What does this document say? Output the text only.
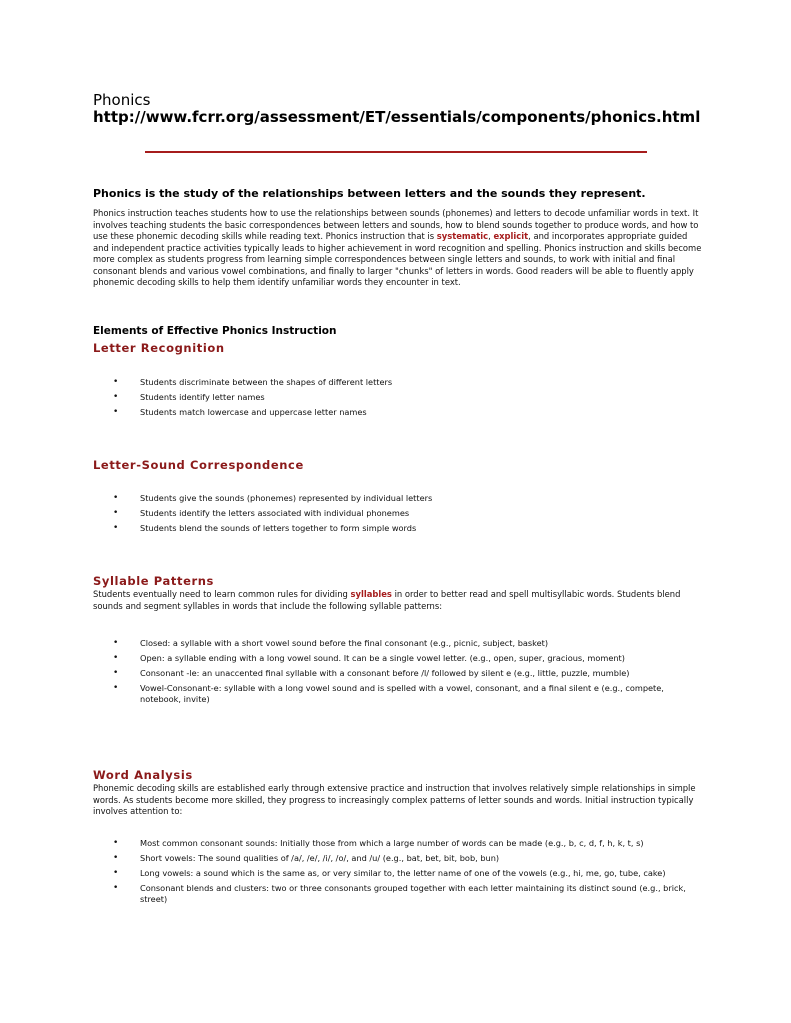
Phonics
http://www.fcrr.org/assessment/ET/essentials/components/phonics.html
Phonics is the study of the relationships between letters and the sounds they represent.
Phonics instruction teaches students how to use the relationships between sounds (phonemes) and letters to decode unfamiliar words in text. It involves teaching students the basic correspondences between letters and sounds, how to blend sounds together to produce words, and how to use these phonemic decoding skills while reading text. Phonics instruction that is systematic, explicit, and incorporates appropriate guided and independent practice activities typically leads to higher achievement in word recognition and spelling. Phonics instruction and skills become more complex as students progress from learning simple correspondences between single letters and sounds, to work with initial and final consonant blends and various vowel combinations, and finally to larger "chunks" of letters in words. Good readers will be able to fluently apply phonemic decoding skills to help them identify unfamiliar words they encounter in text.
Elements of Effective Phonics Instruction
Letter Recognition
•	Students discriminate between the shapes of different letters
•	Students identify letter names
•	Students match lowercase and uppercase letter names
Letter-Sound Correspondence
•	Students give the sounds (phonemes) represented by individual letters
•	Students identify the letters associated with individual phonemes
•	Students blend the sounds of letters together to form simple words
Syllable Patterns
Students eventually need to learn common rules for dividing syllables in order to better read and spell multisyllabic words. Students blend sounds and segment syllables in words that include the following syllable patterns:
•	Closed: a syllable with a short vowel sound before the final consonant (e.g., picnic, subject, basket)
•	Open: a syllable ending with a long vowel sound. It can be a single vowel letter. (e.g., open, super, gracious, moment)
•	Consonant -le: an unaccented final syllable with a consonant before /l/ followed by silent e (e.g., little, puzzle, mumble)
•	Vowel-Consonant-e: syllable with a long vowel sound and is spelled with a vowel, consonant, and a final silent e (e.g., compete, notebook, invite)
Word Analysis
Phonemic decoding skills are established early through extensive practice and instruction that involves relatively simple relationships in simple words. As students become more skilled, they progress to increasingly complex patterns of letter sounds and words. Initial instruction typically involves attention to:
•	Most common consonant sounds: Initially those from which a large number of words can be made (e.g., b, c, d, f, h, k, t, s)
•	Short vowels: The sound qualities of /a/, /e/, /i/, /o/, and /u/ (e.g., bat, bet, bit, bob, bun)
•	Long vowels: a sound which is the same as, or very similar to, the letter name of one of the vowels (e.g., hi, me, go, tube, cake)
•	Consonant blends and clusters: two or three consonants grouped together with each letter maintaining its distinct sound (e.g., brick, street)
